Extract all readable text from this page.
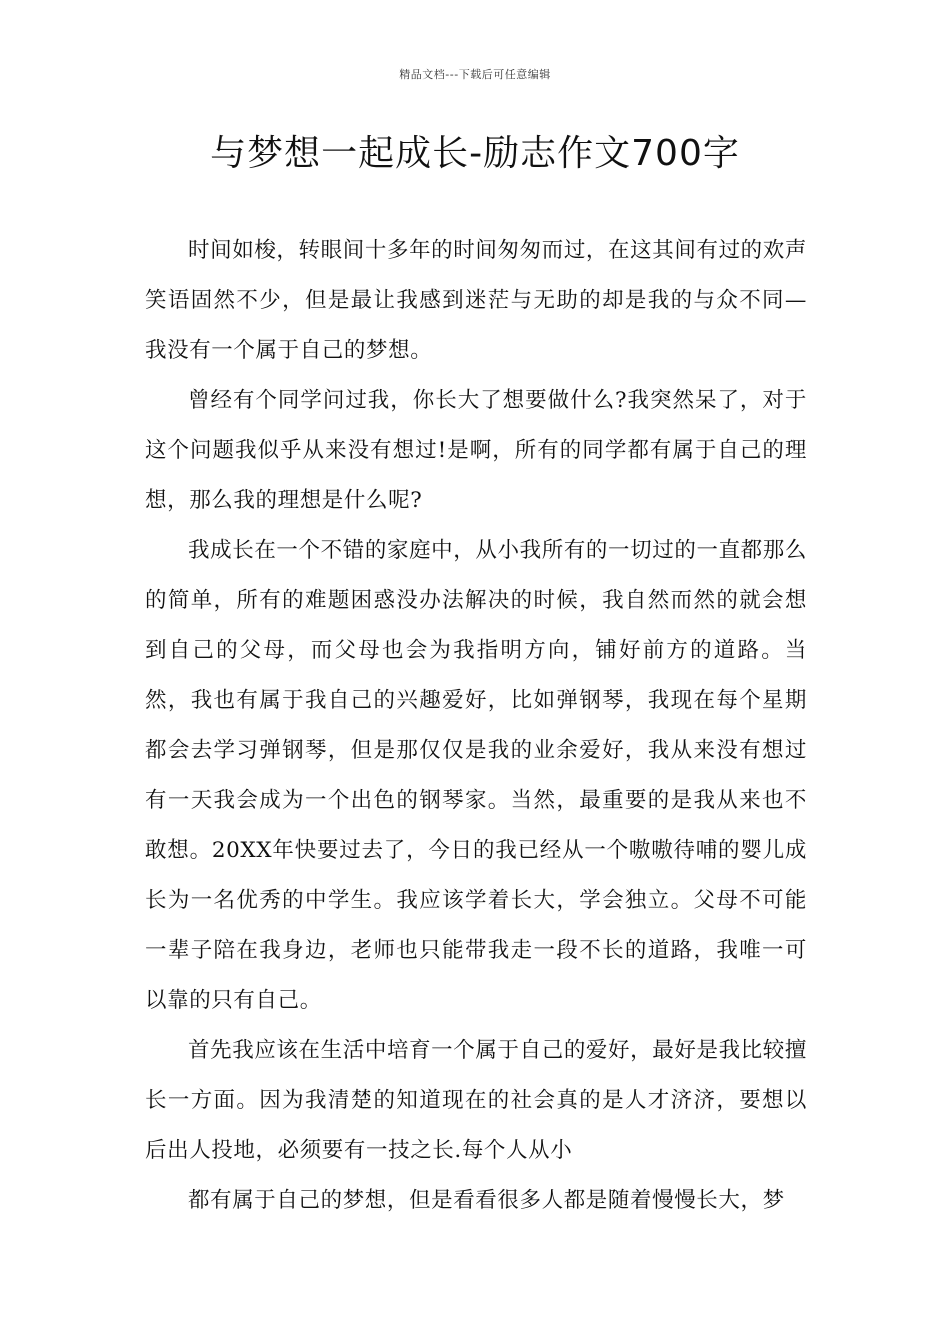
精品文档---下载后可任意编辑
与梦想一起成长-励志作文700字

时间如梭，转眼间十多年的时间匆匆而过，在这其间有过的欢声笑语固然不少，但是最让我感到迷茫与无助的却是我的与众不同—我没有一个属于自己的梦想。

曾经有个同学问过我，你长大了想要做什么?我突然呆了，对于这个问题我似乎从来没有想过!是啊，所有的同学都有属于自己的理想，那么我的理想是什么呢?

我成长在一个不错的家庭中，从小我所有的一切过的一直都那么的简单，所有的难题困惑没办法解决的时候，我自然而然的就会想到自己的父母，而父母也会为我指明方向，铺好前方的道路。当然，我也有属于我自己的兴趣爱好，比如弹钢琴，我现在每个星期都会去学习弹钢琴，但是那仅仅是我的业余爱好，我从来没有想过有一天我会成为一个出色的钢琴家。当然，最重要的是我从来也不敢想。20XX年快要过去了，今日的我已经从一个嗷嗷待哺的婴儿成长为一名优秀的中学生。我应该学着长大，学会独立。父母不可能一辈子陪在我身边，老师也只能带我走一段不长的道路，我唯一可以靠的只有自己。

首先我应该在生活中培育一个属于自己的爱好，最好是我比较擅长一方面。因为我清楚的知道现在的社会真的是人才济济，要想以后出人投地，必须要有一技之长.每个人从小

都有属于自己的梦想，但是看看很多人都是随着慢慢长大，梦
